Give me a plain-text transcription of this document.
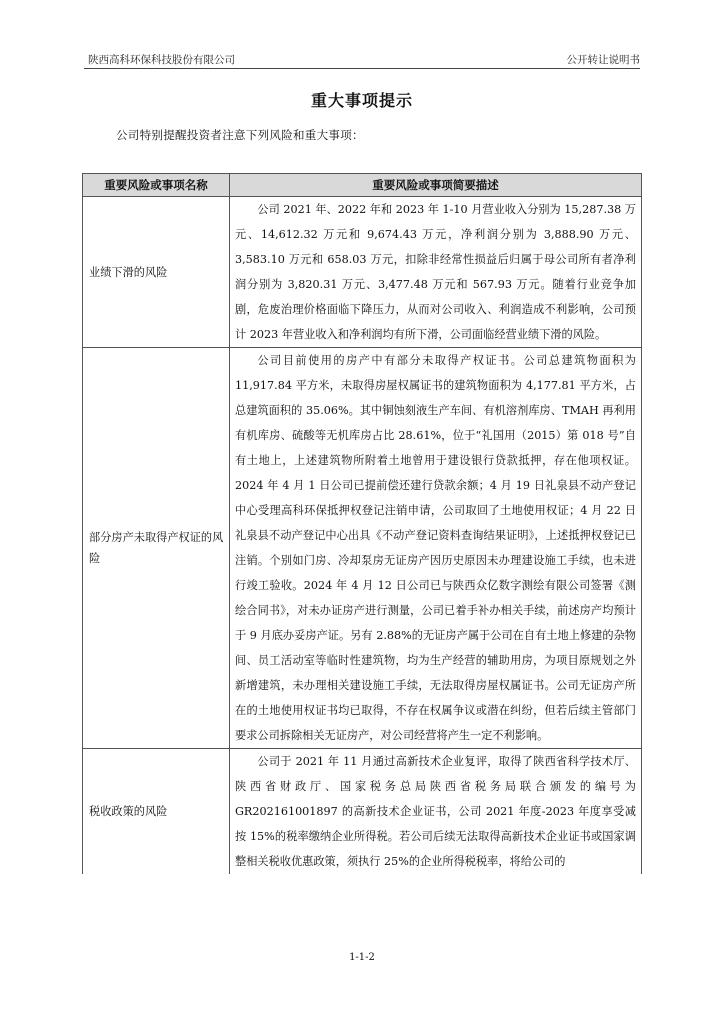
陕西高科环保科技股份有限公司	公开转让说明书
重大事项提示
公司特别提醒投资者注意下列风险和重大事项：
重要风险或事项名称	重要风险或事项简要描述
业绩下滑的风险	公司 2021 年、2022 年和 2023 年 1-10 月营业收入分别为 15,287.38 万元、14,612.32 万元和 9,674.43 万元，净利润分别为 3,888.90 万元、3,583.10 万元和 658.03 万元，扣除非经常性损益后归属于母公司所有者净利润分别为 3,820.31 万元、3,477.48 万元和 567.93 万元。随着行业竞争加剧，危废治理价格面临下降压力，从而对公司收入、利润造成不利影响，公司预计 2023 年营业收入和净利润均有所下滑，公司面临经营业绩下滑的风险。
部分房产未取得产权证的风险	公司目前使用的房产中有部分未取得产权证书。公司总建筑物面积为 11,917.84 平方米，未取得房屋权属证书的建筑物面积为 4,177.81 平方米，占总建筑面积的 35.06%。其中铜蚀刻液生产车间、有机溶剂库房、TMAH 再利用有机库房、硫酸等无机库房占比 28.61%，位于“礼国用（2015）第 018 号”自有土地上，上述建筑物所附着土地曾用于建设银行贷款抵押，存在他项权证。2024 年 4 月 1 日公司已提前偿还建行贷款余额；4 月 19 日礼泉县不动产登记中心受理高科环保抵押权登记注销申请，公司取回了土地使用权证；4 月 22 日礼泉县不动产登记中心出具《不动产登记资料查询结果证明》，上述抵押权登记已注销。个别如门房、冷却泵房无证房产因历史原因未办理建设施工手续，也未进行竣工验收。2024 年 4 月 12 日公司已与陕西众亿数字测绘有限公司签署《测绘合同书》，对未办证房产进行测量，公司已着手补办相关手续，前述房产均预计于 9 月底办妥房产证。另有 2.88%的无证房产属于公司在自有土地上修建的杂物间、员工活动室等临时性建筑物，均为生产经营的辅助用房，为项目原规划之外新增建筑，未办理相关建设施工手续，无法取得房屋权属证书。公司无证房产所在的土地使用权证书均已取得，不存在权属争议或潜在纠纷，但若后续主管部门要求公司拆除相关无证房产，对公司经营将产生一定不利影响。
税收政策的风险	公司于 2021 年 11 月通过高新技术企业复评，取得了陕西省科学技术厅、陕西省财政厅、国家税务总局陕西省税务局联合颁发的编号为 GR202161001897 的高新技术企业证书，公司 2021 年度-2023 年度享受减按 15%的税率缴纳企业所得税。若公司后续无法取得高新技术企业证书或国家调整相关税收优惠政策，须执行 25%的企业所得税税率，将给公司的
1-1-2
